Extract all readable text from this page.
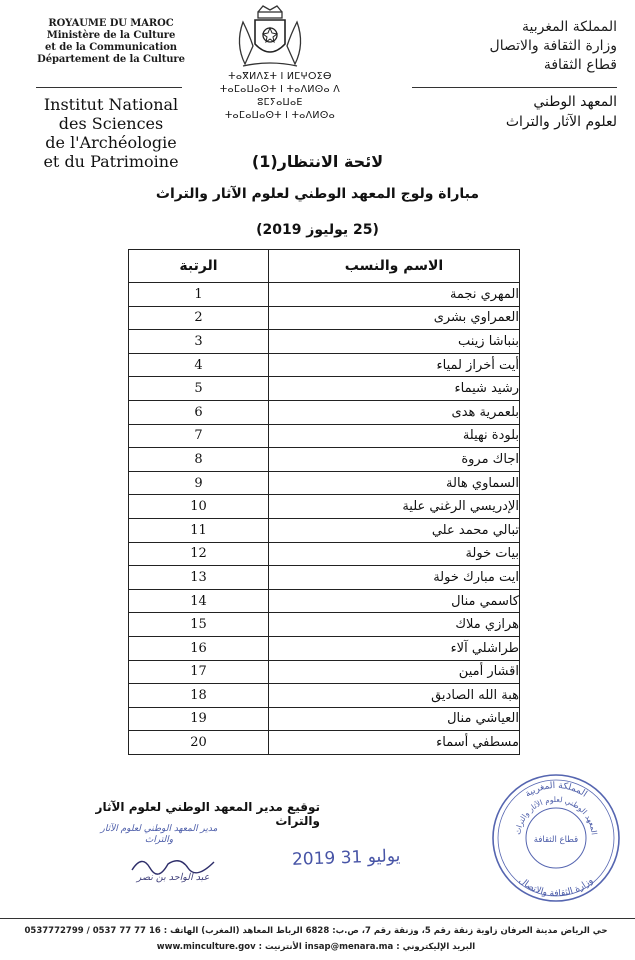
ROYAUME DU MAROC
Ministère de la Culture
et de la Communication
Département de la Culture
Institut National des Sciences
de l'Archéologie et du Patrimoine
ⵜⴰⴳⵍⴷⵉⵜ ⵏ ⵍⵎⵖⵔⵉⴱ
ⵜⴰⵎⴰⵡⴰⵙⵜ ⵏ ⵜⴰⴷⵍⵙⴰ ⴷ ⵓⵎⵢⴰⵡⴰⴹ
ⵜⴰⵎⴰⵡⴰⵙⵜ ⵏ ⵜⴰⴷⵍⵙⴰ
المملكة المغربية
وزارة الثقافة والاتصال
قطاع الثقافة
المعهد الوطني
لعلوم الآثار والتراث
لائحة الانتظار(1)
مباراة ولوج المعهد الوطني لعلوم الآثار والتراث
(25 يوليوز 2019)
الاسم والنسب	الرتبة
المهري نجمة	1
العمراوي بشرى	2
بنباشا زينب	3
أيت أخراز لمياء	4
رشيد شيماء	5
بلعمرية هدى	6
بلودة نهيلة	7
اجاك مروة	8
السماوي هالة	9
الإدريسي الرغني علية	10
تبالي محمد علي	11
بيات خولة	12
ايت مبارك خولة	13
كاسمي منال	14
هرازي ملاك	15
طراشلي آلاء	16
اقشار أمين	17
هبة الله الصاديق	18
العياشي منال	19
مسطفي أسماء	20
توقيع مدير المعهد الوطني لعلوم الآثار والتراث
مدير المعهد الوطني لعلوم الآثار
والتراث
عبد الواحد بن نصر
2019 يوليو 31
المملكة المغربية
المعهد الوطني لعلوم الآثار والتراث
قطاع الثقافة
وزارة الثقافة والاتصال
حي الرياض مدينة العرفان زاوية زنقة رقم 5، وزنقة رقم 7، ص.ب: 6828 الرباط المعاهد (المغرب) الهاتف : 16 77 77 0537 / 0537772799
البريد الإليكتروني : insap@menara.ma الأنترنيت : www.minculture.gov
